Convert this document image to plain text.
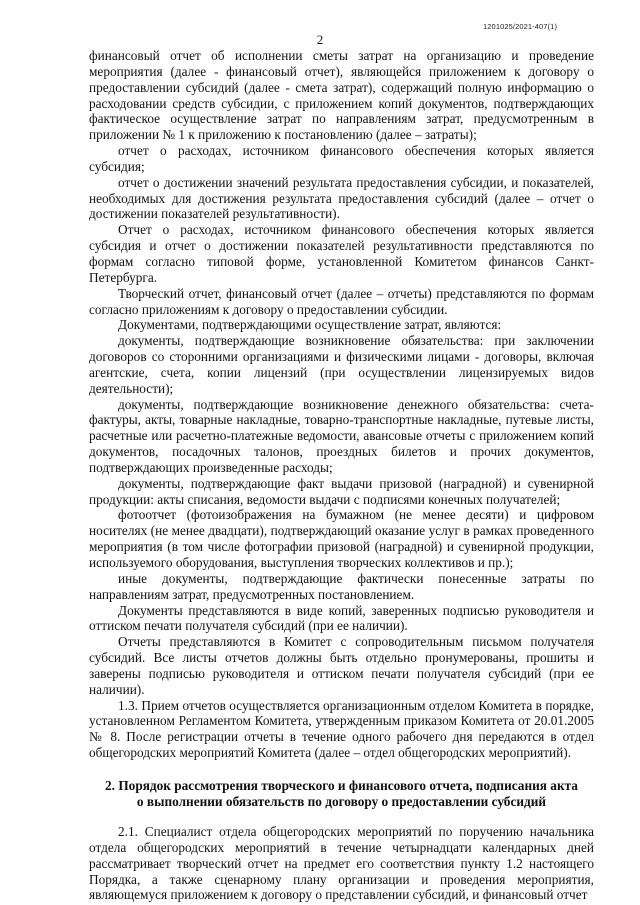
1201025/2021-407(1)
2

финансовый отчет об исполнении сметы затрат на организацию и проведение мероприятия (далее - финансовый отчет), являющейся приложением к договору о предоставлении субсидий (далее - смета затрат), содержащий полную информацию о расходовании средств субсидии, с приложением копий документов, подтверждающих фактическое осуществление затрат по направлениям затрат, предусмотренным в приложении № 1 к приложению к постановлению (далее – затраты);

отчет о расходах, источником финансового обеспечения которых является субсидия;

отчет о достижении значений результата предоставления субсидии, и показателей, необходимых для достижения результата предоставления субсидий (далее – отчет о достижении показателей результативности).

Отчет о расходах, источником финансового обеспечения которых является субсидия и отчет о достижении показателей результативности представляются по формам согласно типовой форме, установленной Комитетом финансов Санкт-Петербурга.

Творческий отчет, финансовый отчет (далее – отчеты) представляются по формам согласно приложениям к договору о предоставлении субсидии.

Документами, подтверждающими осуществление затрат, являются:

документы, подтверждающие возникновение обязательства: при заключении договоров со сторонними организациями и физическими лицами - договоры, включая агентские, счета, копии лицензий (при осуществлении лицензируемых видов деятельности);

документы, подтверждающие возникновение денежного обязательства: счета-фактуры, акты, товарные накладные, товарно-транспортные накладные, путевые листы, расчетные или расчетно-платежные ведомости, авансовые отчеты с приложением копий документов, посадочных талонов, проездных билетов и прочих документов, подтверждающих произведенные расходы;

документы, подтверждающие факт выдачи призовой (наградной) и сувенирной продукции: акты списания, ведомости выдачи с подписями конечных получателей;

фотоотчет (фотоизображения на бумажном (не менее десяти) и цифровом носителях (не менее двадцати), подтверждающий оказание услуг в рамках проведенного мероприятия (в том числе фотографии призовой (наградной) и сувенирной продукции, используемого оборудования, выступления творческих коллективов и пр.);

иные документы, подтверждающие фактически понесенные затраты по направлениям затрат, предусмотренных постановлением.

Документы представляются в виде копий, заверенных подписью руководителя и оттиском печати получателя субсидий (при ее наличии).

Отчеты представляются в Комитет с сопроводительным письмом получателя субсидий. Все листы отчетов должны быть отдельно пронумерованы, прошиты и заверены подписью руководителя и оттиском печати получателя субсидий (при ее наличии).

1.3. Прием отчетов осуществляется организационным отделом Комитета в порядке, установленном Регламентом Комитета, утвержденным приказом Комитета от 20.01.2005 № 8. После регистрации отчеты в течение одного рабочего дня передаются в отдел общегородских мероприятий Комитета (далее – отдел общегородских мероприятий).

2. Порядок рассмотрения творческого и финансового отчета, подписания акта

о выполнении обязательств по договору о предоставлении субсидий

2.1. Специалист отдела общегородских мероприятий по поручению начальника отдела общегородских мероприятий в течение четырнадцати календарных дней рассматривает творческий отчет на предмет его соответствия пункту 1.2 настоящего Порядка, а также сценарному плану организации и проведения мероприятия, являющемуся приложением к договору о представлении субсидий, и финансовый отчет
